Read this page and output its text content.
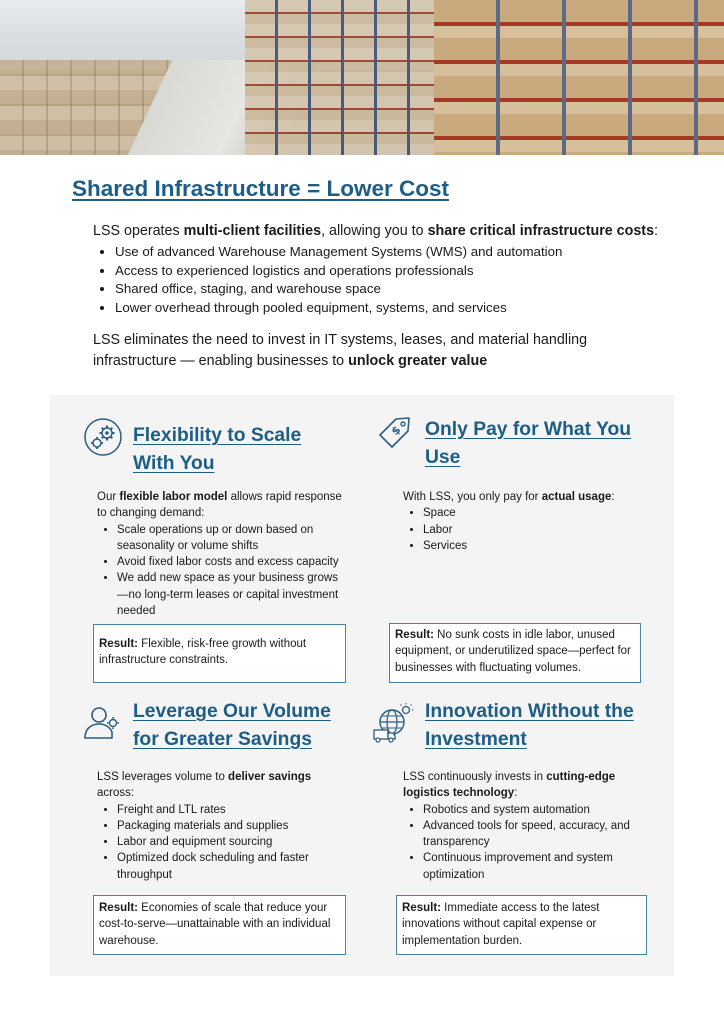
Shared Infrastructure = Lower Cost

LSS operates multi-client facilities, allowing you to share critical infrastructure costs:

• Use of advanced Warehouse Management Systems (WMS) and automation
• Access to experienced logistics and operations professionals
• Shared office, staging, and warehouse space
• Lower overhead through pooled equipment, systems, and services

LSS eliminates the need to invest in IT systems, leases, and material handling infrastructure — enabling businesses to unlock greater value

Flexibility to Scale
With You

Our flexible labor model allows rapid response to changing demand:

• Scale operations up or down based on seasonality or volume shifts
• Avoid fixed labor costs and excess capacity
• We add new space as your business grows —no long-term leases or capital investment needed
Result: Flexible, risk-free growth without infrastructure constraints.
$ Only Pay for What You
Use

With LSS, you only pay for actual usage:

• Space
• Labor
• Services
Result: No sunk costs in idle labor, unused equipment, or underutilized space—perfect for businesses with fluctuating volumes.
Leverage Our Volume
for Greater Savings

LSS leverages volume to deliver savings across:

• Freight and LTL rates
• Packaging materials and supplies
• Labor and equipment sourcing
• Optimized dock scheduling and faster throughput
Result: Economies of scale that reduce your cost-to-serve—unattainable with an individual warehouse.
Innovation Without the
Investment

LSS continuously invests in cutting-edge logistics technology:

• Robotics and system automation
• Advanced tools for speed, accuracy, and transparency
• Continuous improvement and system optimization
Result: Immediate access to the latest innovations without capital expense or implementation burden.
